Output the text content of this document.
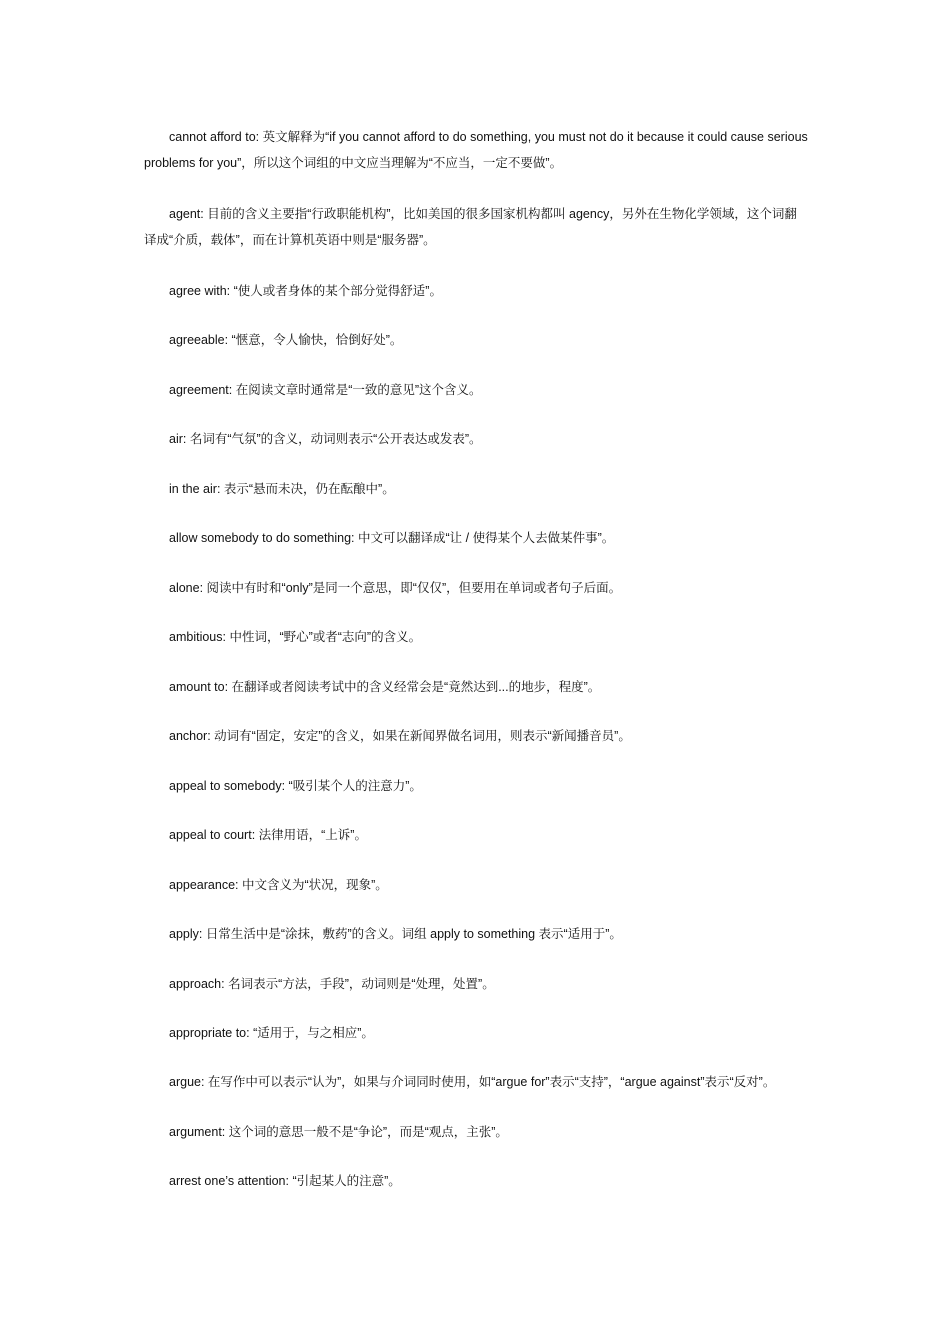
cannot afford to: 英文解释为“if you cannot afford to do something, you must not do it because it could cause serious problems for you”，所以这个词组的中文应当理解为“不应当，一定不要做”。

agent: 目前的含义主要指“行政职能机构”，比如美国的很多国家机构都叫 agency，另外在生物化学领域，这个词翻译成“介质，载体”，而在计算机英语中则是“服务器”。

agree with: “使人或者身体的某个部分觉得舒适”。

agreeable: “惬意，令人愉快，恰倒好处”。

agreement: 在阅读文章时通常是“一致的意见”这个含义。

air: 名词有“气氛”的含义，动词则表示“公开表达或发表”。

in the air: 表示“悬而未决，仍在酝酿中”。

allow somebody to do something: 中文可以翻译成“让 / 使得某个人去做某件事”。

alone: 阅读中有时和“only”是同一个意思，即“仅仅”，但要用在单词或者句子后面。

ambitious: 中性词，“野心”或者“志向”的含义。

amount to: 在翻译或者阅读考试中的含义经常会是“竟然达到...的地步，程度”。

anchor: 动词有“固定，安定”的含义，如果在新闻界做名词用，则表示“新闻播音员”。

appeal to somebody: “吸引某个人的注意力”。

appeal to court: 法律用语，“上诉”。

appearance: 中文含义为“状况，现象”。

apply: 日常生活中是“涂抹，敷药”的含义。词组 apply to something 表示“适用于”。

approach: 名词表示“方法，手段”，动词则是“处理，处置”。

appropriate to: “适用于，与之相应”。

argue: 在写作中可以表示“认为”，如果与介词同时使用，如“argue for”表示“支持”，“argue against”表示“反对”。

argument: 这个词的意思一般不是“争论”，而是“观点，主张”。

arrest one’s attention: “引起某人的注意”。
